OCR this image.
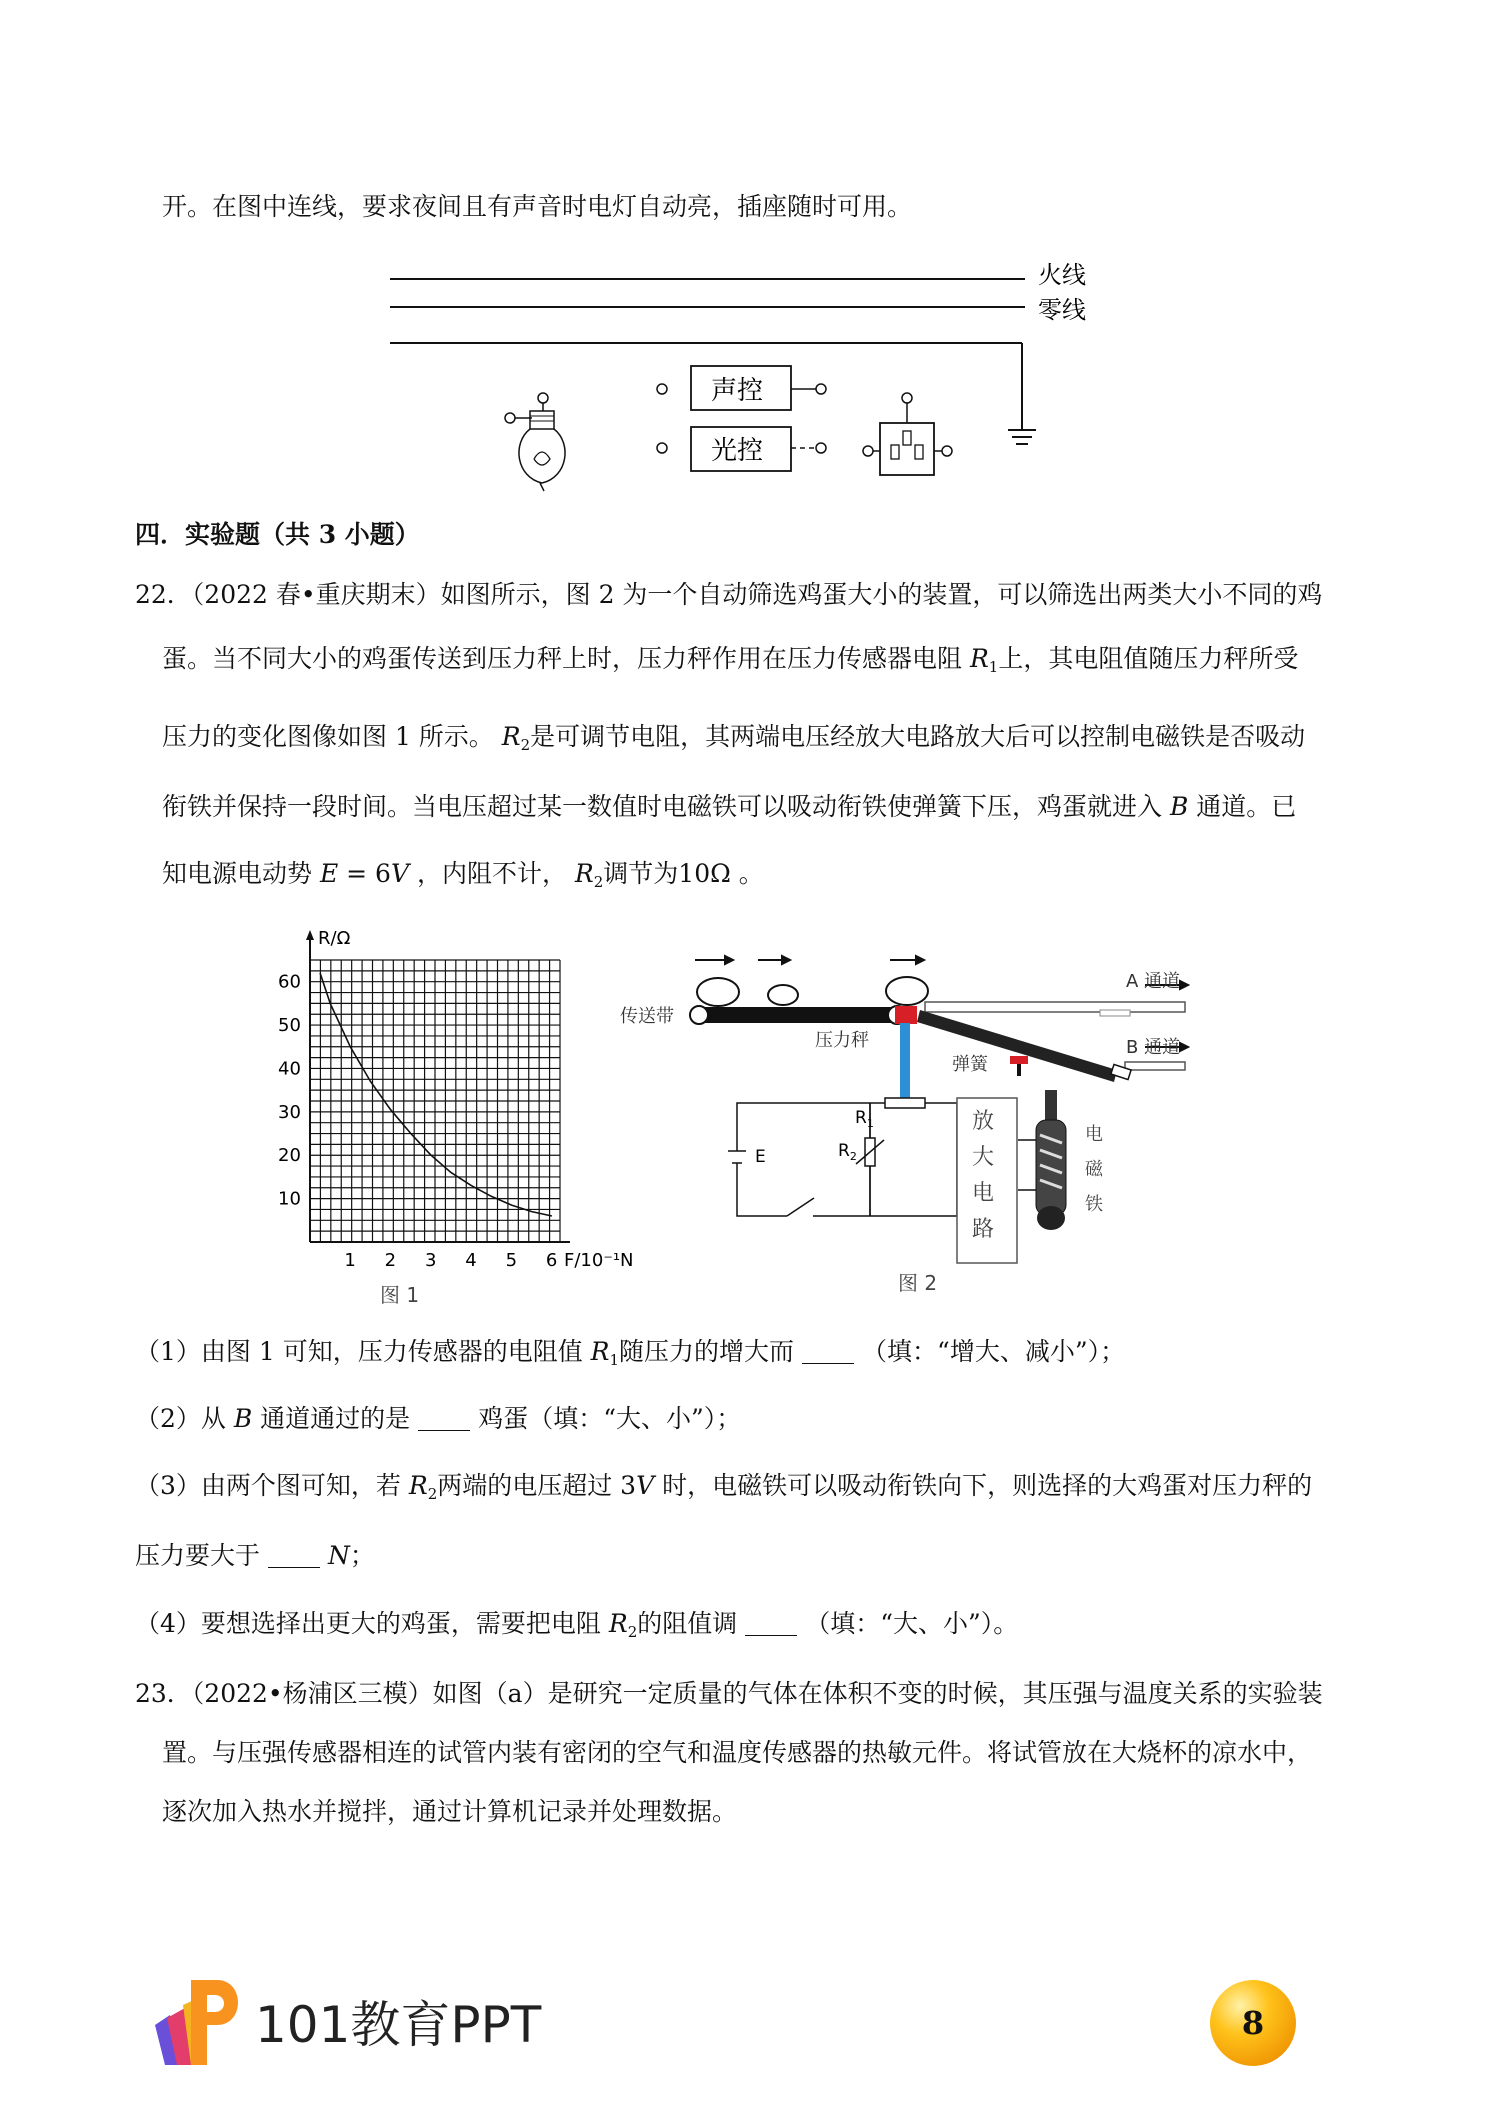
开。在图中连线，要求夜间且有声音时电灯自动亮，插座随时可用。
火线
零线
声控
光控
四．实验题（共 3 小题）
22．（2022 春•重庆期末）如图所示，图 2 为一个自动筛选鸡蛋大小的装置，可以筛选出两类大小不同的鸡
蛋。当不同大小的鸡蛋传送到压力秤上时，压力秤作用在压力传感器电阻 $R_1$上，其电阻值随压力秤所受
压力的变化图像如图 1 所示。 $R_2$是可调节电阻，其两端电压经放大电路放大后可以控制电磁铁是否吸动
衔铁并保持一段时间。当电压超过某一数值时电磁铁可以吸动衔铁使弹簧下压，鸡蛋就进入 B 通道。已
知电源电动势 E = 6V ，内阻不计， $R_2$调节为10Ω 。
1 2 3 4 5 6
10
20
30
40
50
60
R/Ω
F/10⁻¹N
图 1
传送带
A 通道
B 通道
压力秤
弹簧
$R_1$
E	$R_2$
放
大
电
路
电
磁
铁
图 2
（1）由图 1 可知，压力传感器的电阻值 $R_1$随压力的增大而	（填：“增大、减小”）；
（2）从 B 通道通过的是	鸡蛋（填：“大、小”）；
（3）由两个图可知，若 $R_2$两端的电压超过 3V 时，电磁铁可以吸动衔铁向下，则选择的大鸡蛋对压力秤的
压力要大于	N；
（4）要想选择出更大的鸡蛋，需要把电阻 $R_2$的阻值调	（填：“大、小”）。
23．（2022•杨浦区三模）如图（a）是研究一定质量的气体在体积不变的时候，其压强与温度关系的实验装
置。与压强传感器相连的试管内装有密闭的空气和温度传感器的热敏元件。将试管放在大烧杯的凉水中，
逐次加入热水并搅拌，通过计算机记录并处理数据。
101教育PPT	8
